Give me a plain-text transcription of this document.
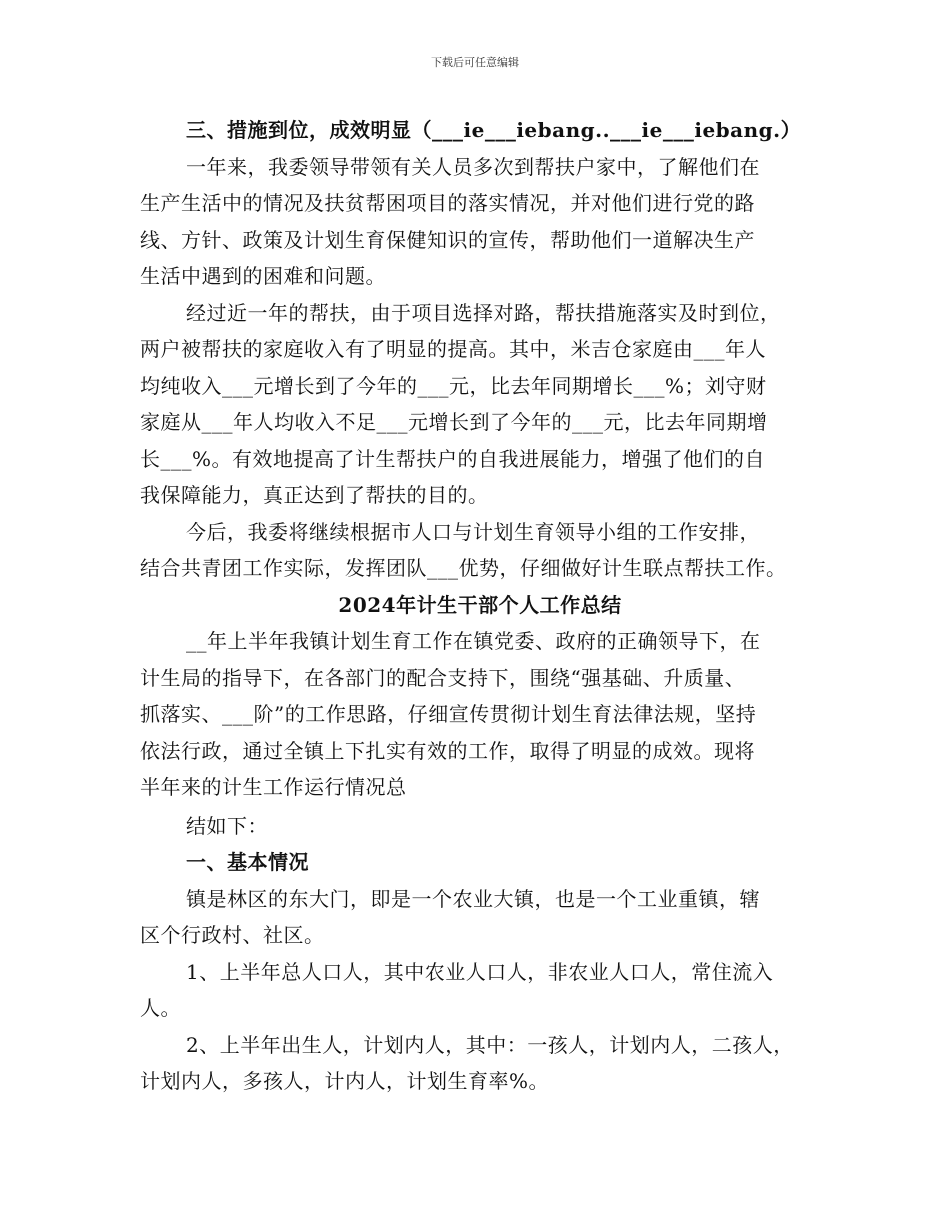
下载后可任意编辑
三、措施到位，成效明显（___ie___iebang..___ie___iebang.）
一年来，我委领导带领有关人员多次到帮扶户家中，了解他们在
生产生活中的情况及扶贫帮困项目的落实情况，并对他们进行党的路
线、方针、政策及计划生育保健知识的宣传，帮助他们一道解决生产
生活中遇到的困难和问题。
经过近一年的帮扶，由于项目选择对路，帮扶措施落实及时到位，
两户被帮扶的家庭收入有了明显的提高。其中，米吉仓家庭由___年人
均纯收入___元增长到了今年的___元，比去年同期增长___%；刘守财
家庭从___年人均收入不足___元增长到了今年的___元，比去年同期增
长___%。有效地提高了计生帮扶户的自我进展能力，增强了他们的自
我保障能力，真正达到了帮扶的目的。
今后，我委将继续根据市人口与计划生育领导小组的工作安排，
结合共青团工作实际，发挥团队___优势，仔细做好计生联点帮扶工作。
2024年计生干部个人工作总结
__年上半年我镇计划生育工作在镇党委、政府的正确领导下，在
计生局的指导下，在各部门的配合支持下，围绕“强基础、升质量、
抓落实、___阶”的工作思路，仔细宣传贯彻计划生育法律法规，坚持
依法行政，通过全镇上下扎实有效的工作，取得了明显的成效。现将
半年来的计生工作运行情况总
结如下：
一、基本情况
镇是林区的东大门，即是一个农业大镇，也是一个工业重镇，辖
区个行政村、社区。
1、上半年总人口人，其中农业人口人，非农业人口人，常住流入
人。
2、上半年出生人，计划内人，其中：一孩人，计划内人，二孩人，
计划内人，多孩人，计内人，计划生育率%。
